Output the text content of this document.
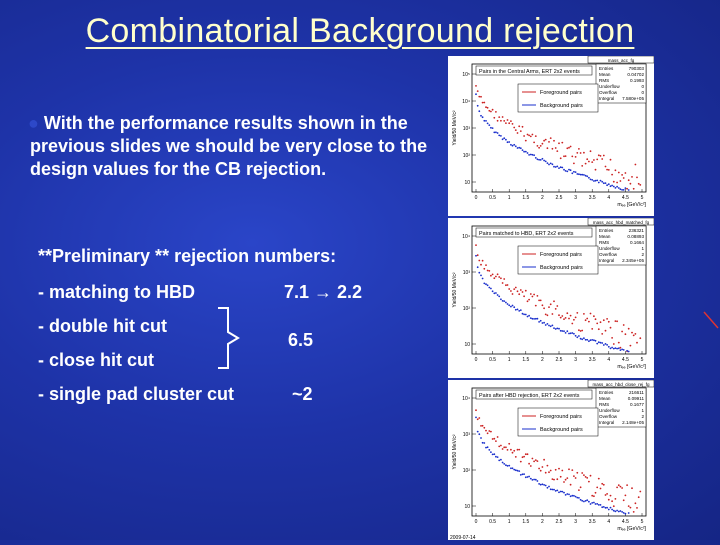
Combinatorial Background rejection
● With the performance results shown in the previous slides we should be very close to the design values for the CB rejection.
**Preliminary ** rejection numbers:
- matching to HBD	7.1 → 2.2
- double hit cut
- close hit cut
6.5
- single pad cluster cut	~2
mass_acc_fg
Pairs in the Central Arms, ERT 2x2 events
Entries	790303
Mean	0.04702
RMS	0.1993
Underflow	0
Overflow	0
Integral 7.580e+05
Foreground pairs
Background pairs
Yield/50 MeV/c²
10⁵
10⁴
10³
10²
10
0 0.5 1 1.5 2 2.5 3 3.5 4 4.5 5
mₑₑ [GeV/c²]
mass_acc_hbd_matched_fg
Pairs matched to HBD, ERT 2x2 events
Entries	236321
Mean	0.08893
RMS	0.1664
Underflow	1
Overflow	2
Integral 2.345e+05
Foreground pairs
Background pairs
Yield/50 MeV/c²
10⁴
10³
10²
10
0 0.5 1 1.5 2 2.5 3 3.5 4 4.5 5
mₑₑ [GeV/c²]
mass_acc_hbd_close_rej_fg
Pairs after HBD rejection, ERT 2x2 events
Entries	216611
Mean	0.09911
RMS	0.1677
Underflow	1
Overflow	2
Integral 2.148e+05
Foreground pairs
Background pairs
Yield/50 MeV/c²
10⁴
10³
10²
10
0 0.5 1 1.5 2 2.5 3 3.5 4 4.5 5
mₑₑ [GeV/c²]
2009-07-14
